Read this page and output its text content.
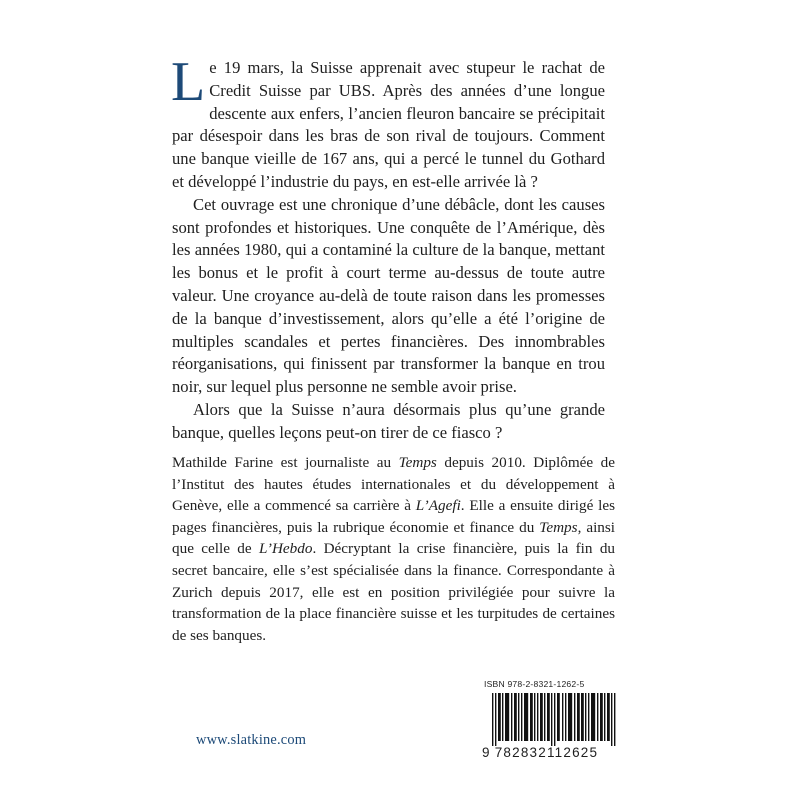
Le 19 mars, la Suisse apprenait avec stupeur le rachat de Credit Suisse par UBS. Après des années d’une longue descente aux enfers, l’ancien fleuron bancaire se précipitait par désespoir dans les bras de son rival de toujours. Comment une banque vieille de 167 ans, qui a percé le tunnel du Gothard et développé l’industrie du pays, en est-elle arrivée là ?

Cet ouvrage est une chronique d’une débâcle, dont les causes sont profondes et historiques. Une conquête de l’Amérique, dès les années 1980, qui a contaminé la culture de la banque, mettant les bonus et le profit à court terme au-dessus de toute autre valeur. Une croyance au-delà de toute raison dans les promesses de la banque d’investissement, alors qu’elle a été l’origine de multiples scandales et pertes financières. Des innombrables réorganisations, qui finissent par transformer la banque en trou noir, sur lequel plus personne ne semble avoir prise.

Alors que la Suisse n’aura désormais plus qu’une grande banque, quelles leçons peut-on tirer de ce fiasco ?

Mathilde Farine est journaliste au Temps depuis 2010. Diplômée de l’Institut des hautes études internationales et du développement à Genève, elle a commencé sa carrière à L’Agefi. Elle a ensuite dirigé les pages financières, puis la rubrique économie et finance du Temps, ainsi que celle de L’Hebdo. Décryptant la crise financière, puis la fin du secret bancaire, elle s’est spécialisée dans la finance. Correspondante à Zurich depuis 2017, elle est en position privilégiée pour suivre la transformation de la place financière suisse et les turpitudes de certaines de ses banques.

www.slatkine.com
ISBN 978-2-8321-1262-5
9 782832112625
